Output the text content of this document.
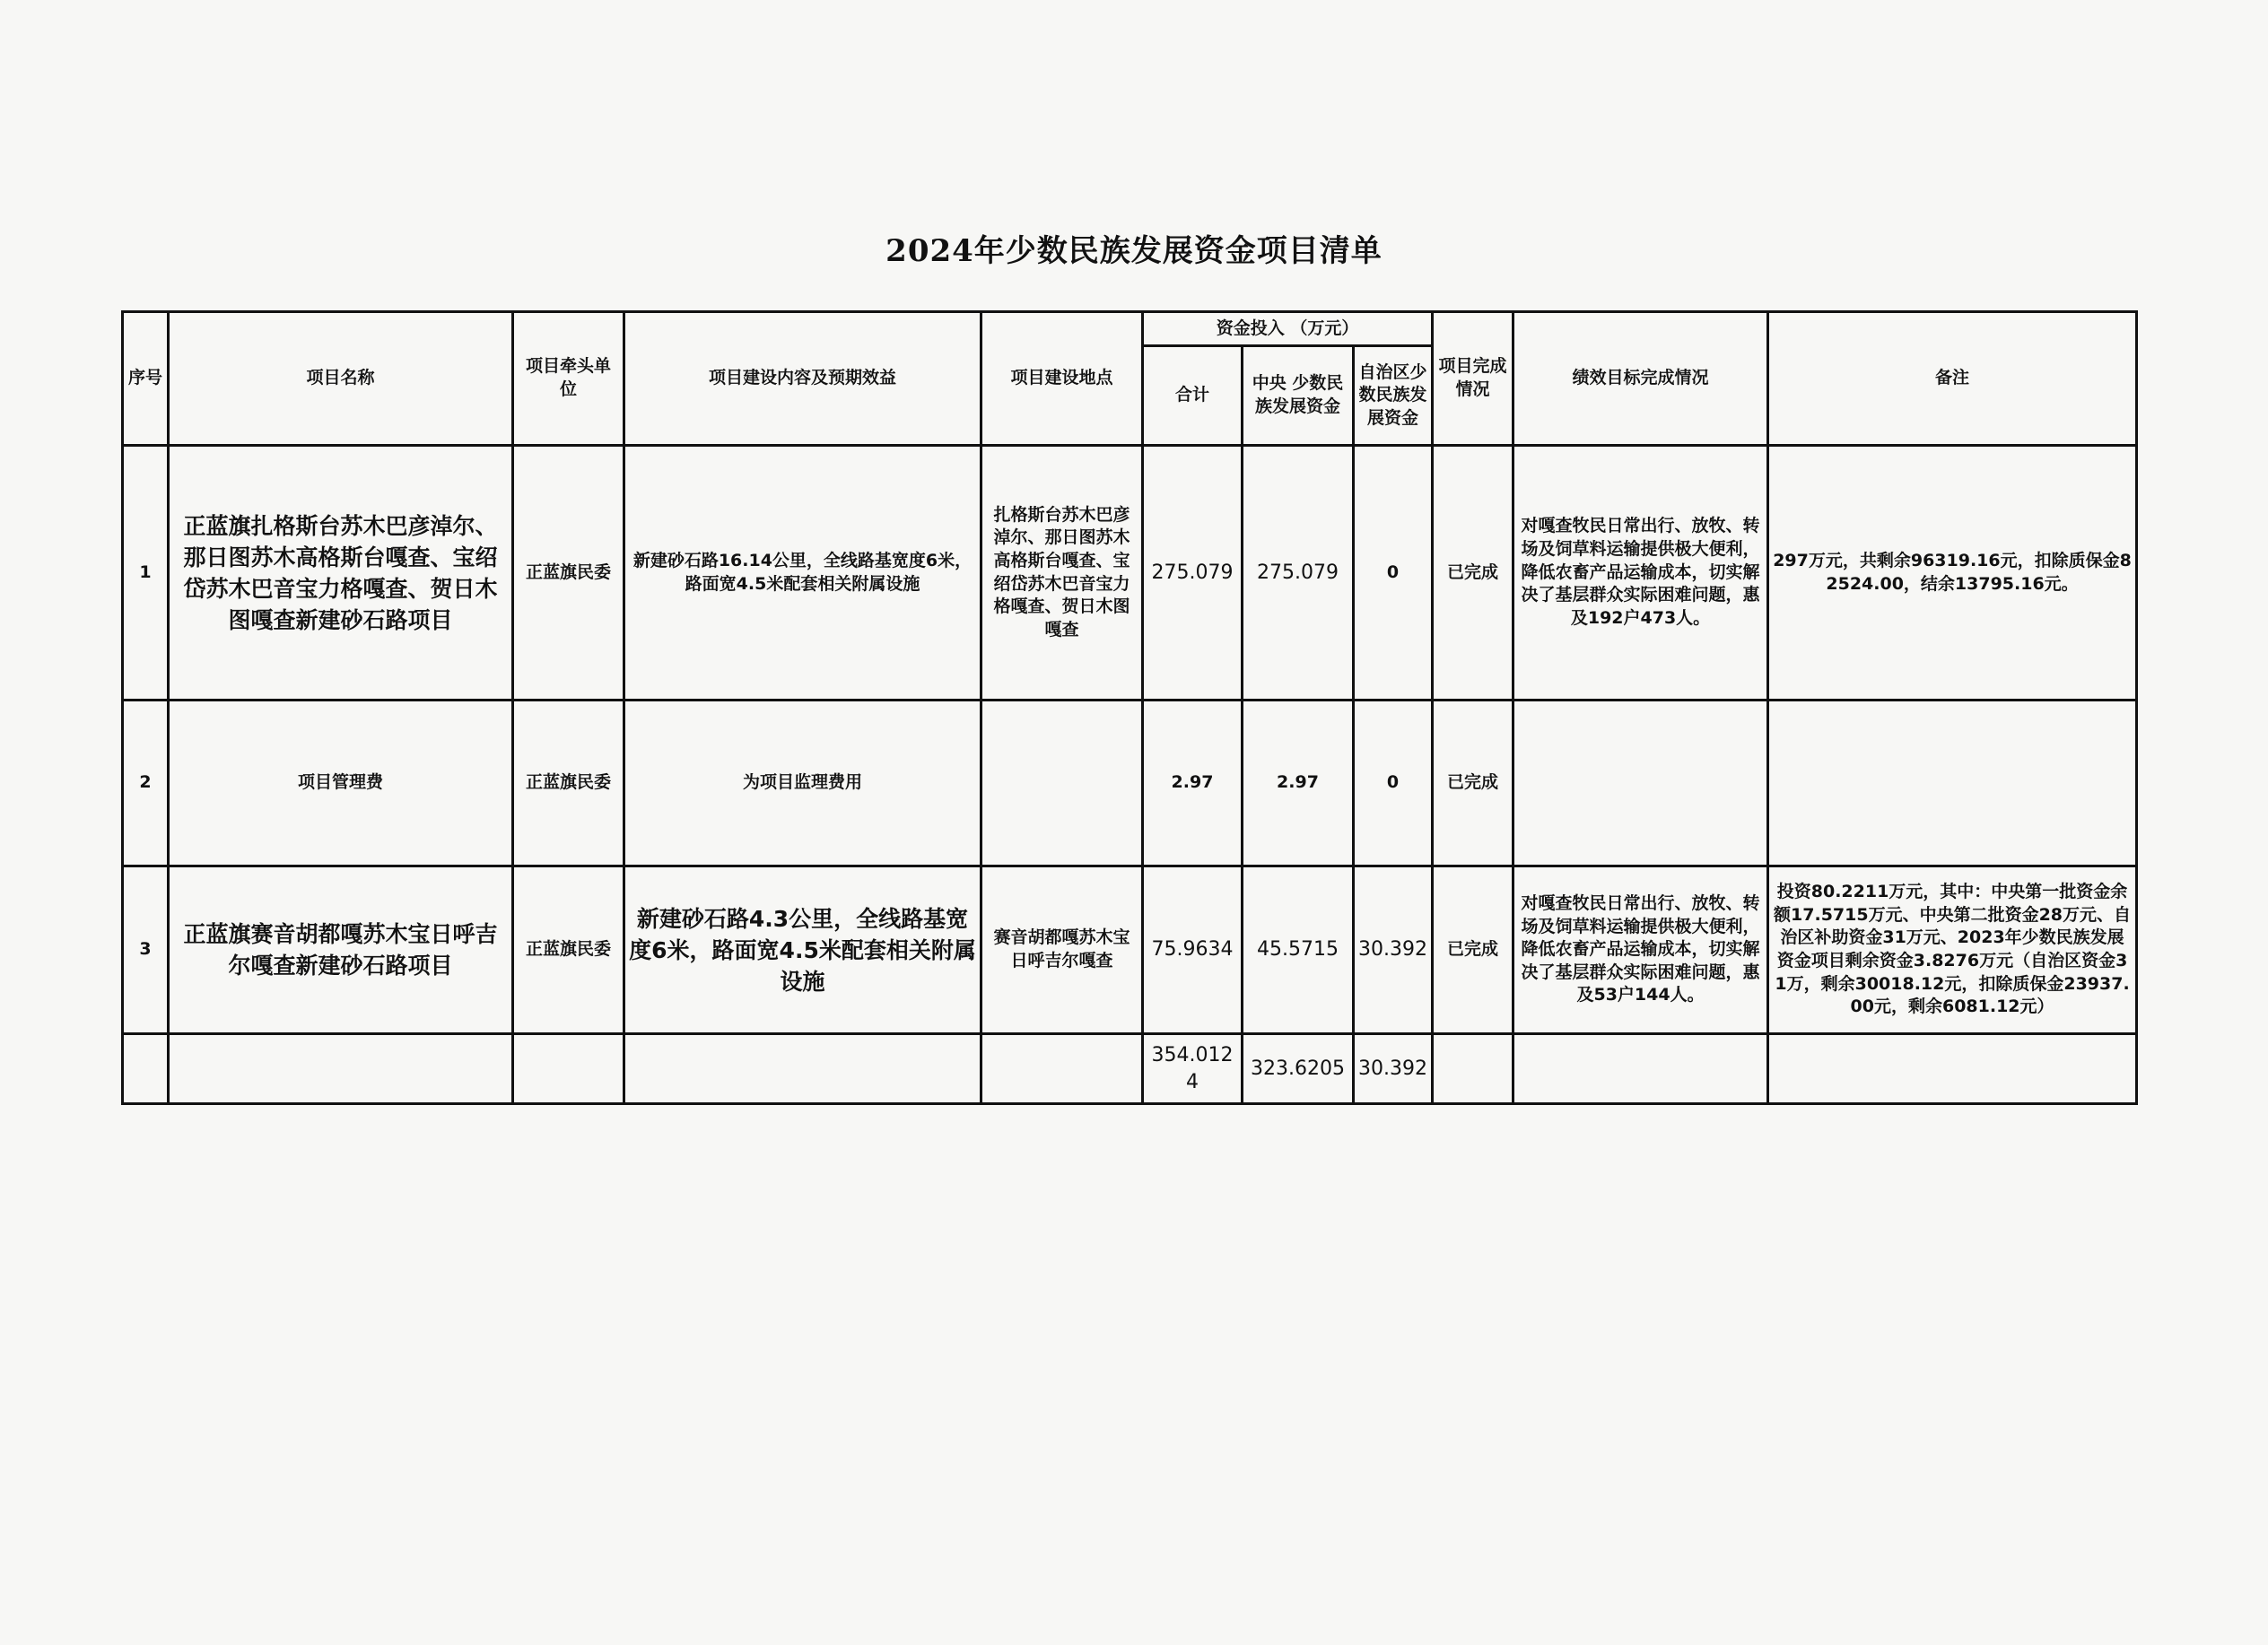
2024年少数民族发展资金项目清单
序号	项目名称	项目牵头单位	项目建设内容及预期效益	项目建设地点	资金投入 （万元）			项目完成情况	绩效目标完成情况	备注
					合计	中央 少数民族发展资金	自治区少数民族发展资金			
1	正蓝旗扎格斯台苏木巴彦淖尔、那日图苏木高格斯台嘎查、宝绍岱苏木巴音宝力格嘎查、贺日木图嘎查新建砂石路项目	正蓝旗民委	新建砂石路16.14公里，全线路基宽度6米，路面宽4.5米配套相关附属设施	扎格斯台苏木巴彦淖尔、那日图苏木高格斯台嘎查、宝绍岱苏木巴音宝力格嘎查、贺日木图嘎查	275.079	275.079	0	已完成	对嘎查牧民日常出行、放牧、转场及饲草料运输提供极大便利，降低农畜产品运输成本，切实解决了基层群众实际困难问题，惠及192户473人。	297万元，共剩余96319.16元，扣除质保金82524.00，结余13795.16元。
2	项目管理费	正蓝旗民委	为项目监理费用		2.97	2.97	0	已完成		
3	正蓝旗赛音胡都嘎苏木宝日呼吉尔嘎查新建砂石路项目	正蓝旗民委	新建砂石路4.3公里，全线路基宽度6米，路面宽4.5米配套相关附属设施	赛音胡都嘎苏木宝日呼吉尔嘎查	75.9634	45.5715	30.392	已完成	对嘎查牧民日常出行、放牧、转场及饲草料运输提供极大便利，降低农畜产品运输成本，切实解决了基层群众实际困难问题，惠及53户144人。	投资80.2211万元，其中：中央第一批资金余额17.5715万元、中央第二批资金28万元、自治区补助资金31万元、2023年少数民族发展资金项目剩余资金3.8276万元（自治区资金31万，剩余30018.12元，扣除质保金23937.00元，剩余6081.12元）
					354.0124	323.6205	30.392			
